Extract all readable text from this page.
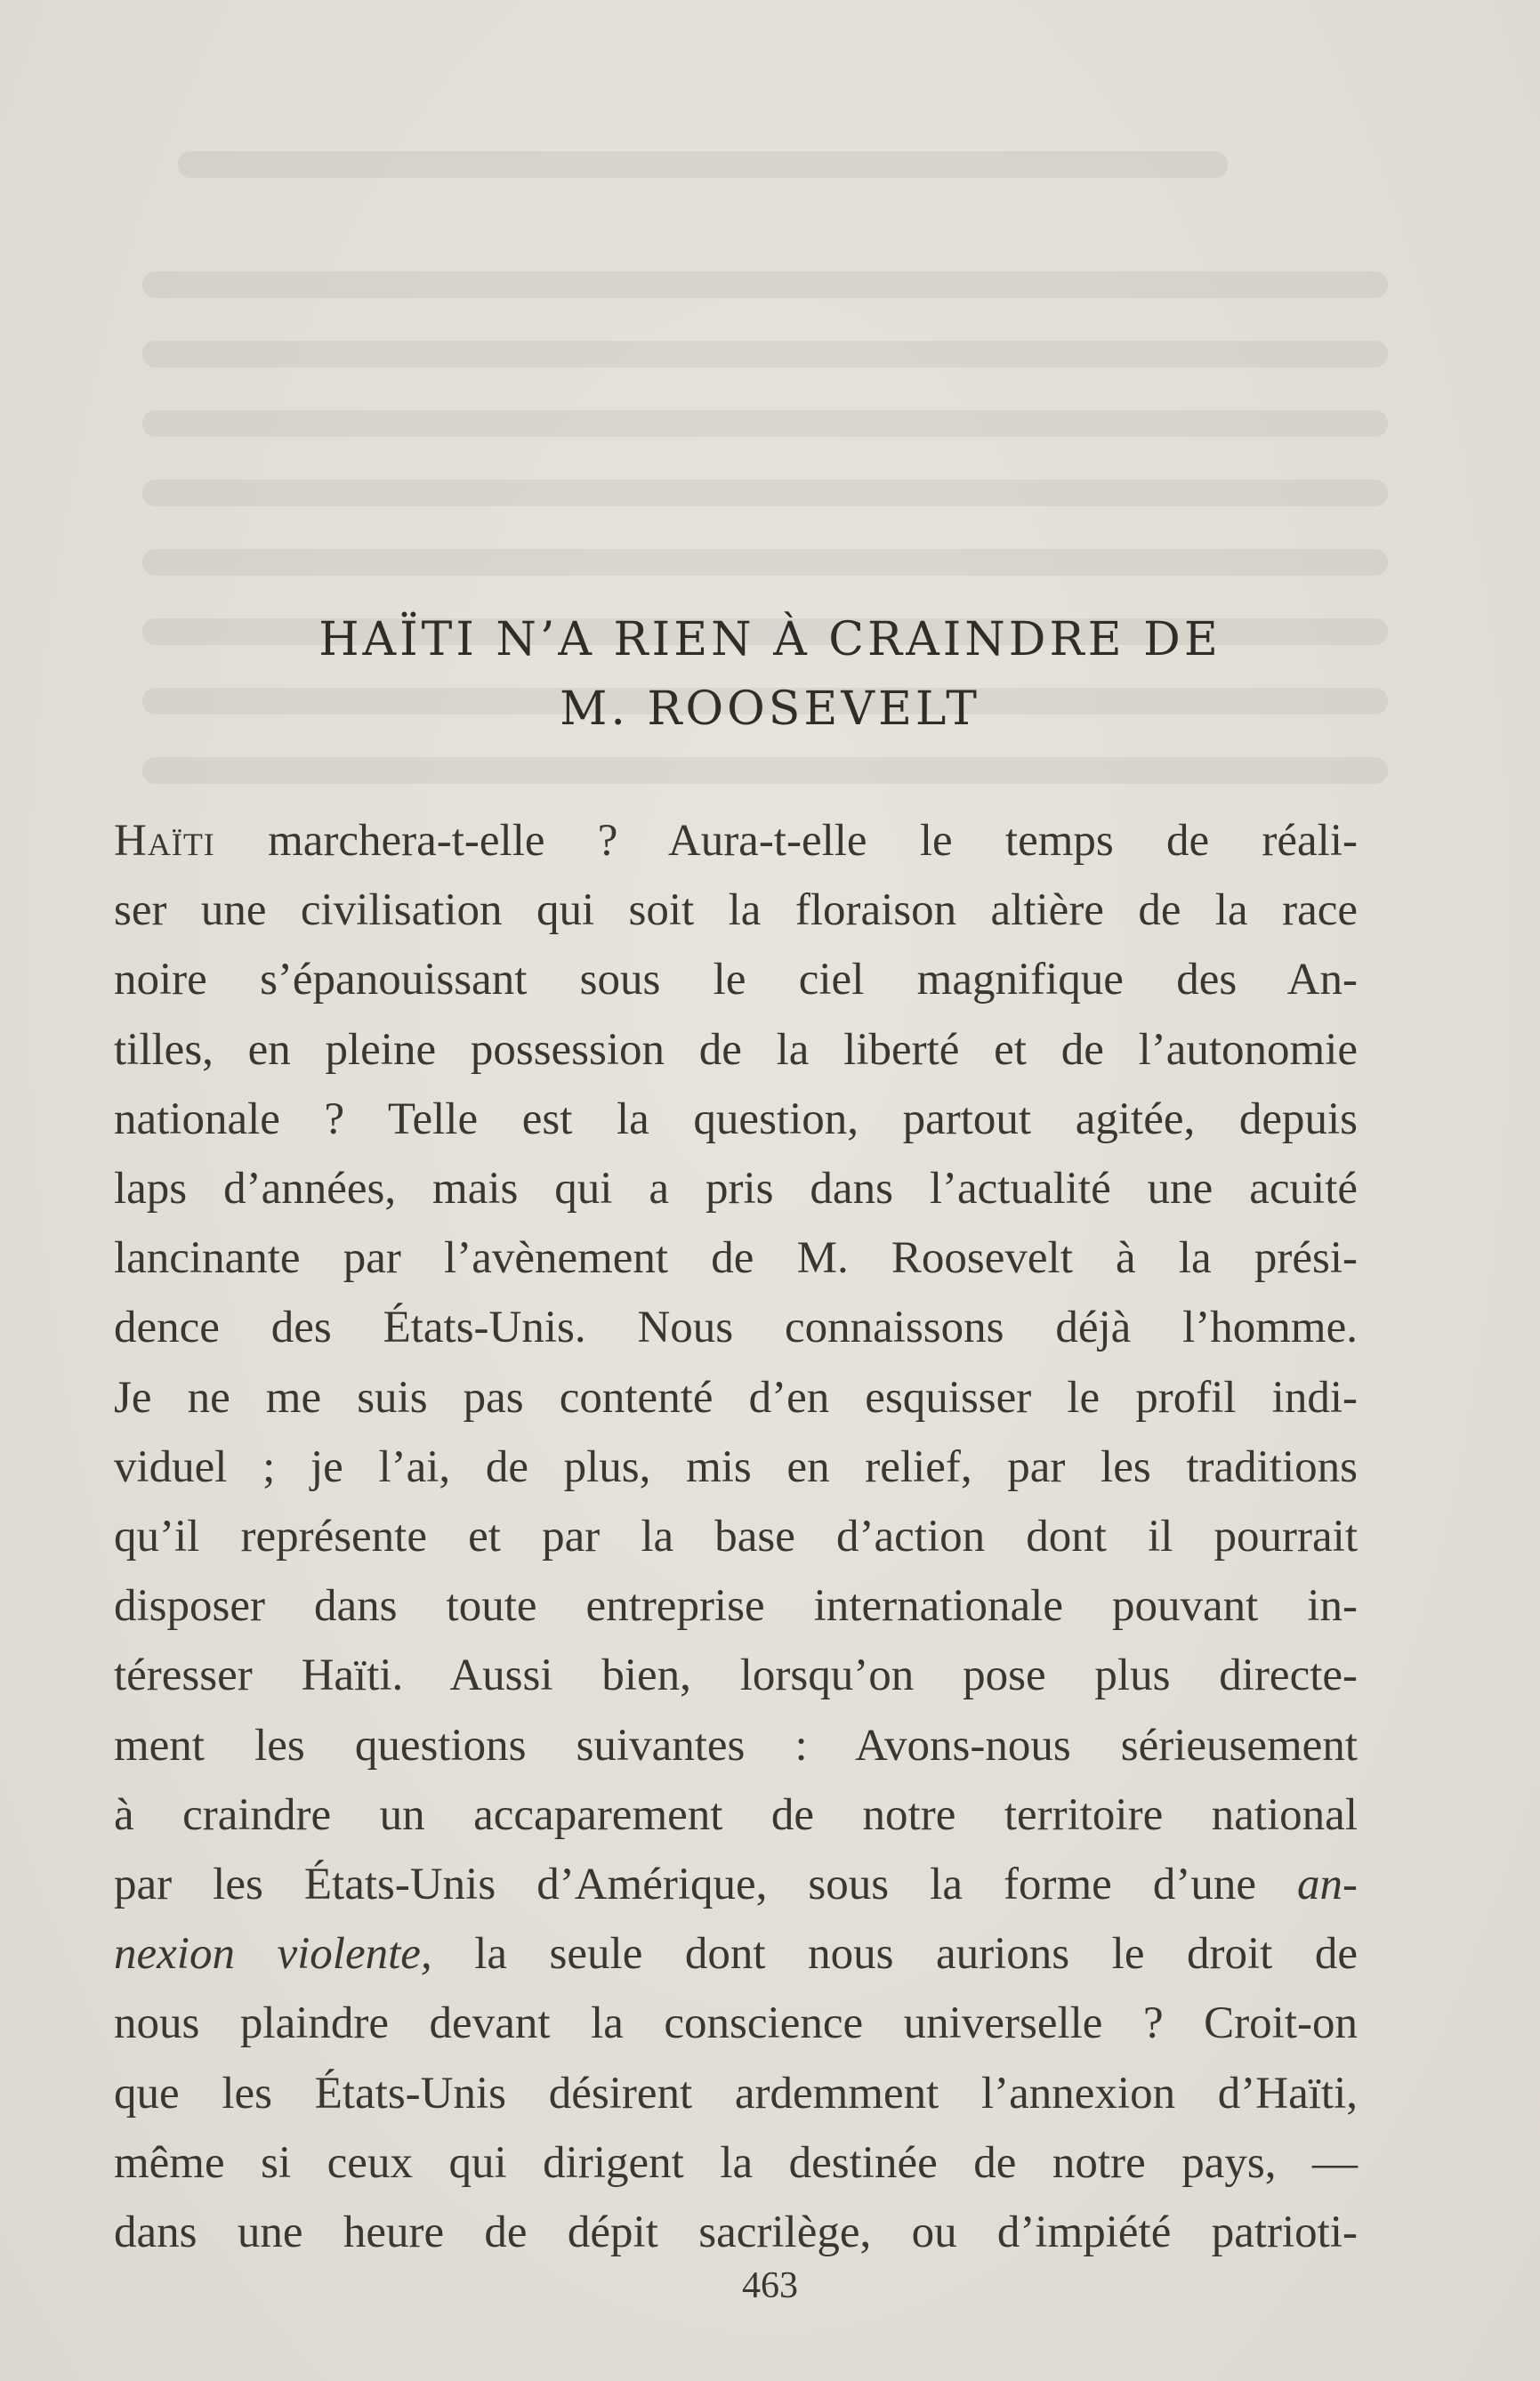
HAÏTI N’A RIEN À CRAINDRE DE
M. ROOSEVELT

Haïti marchera-t-elle ? Aura-t-elle le temps de réali-

ser une civilisation qui soit la floraison altière de la race

noire s’épanouissant sous le ciel magnifique des An-

tilles, en pleine possession de la liberté et de l’autonomie

nationale ? Telle est la question, partout agitée, depuis

laps d’années, mais qui a pris dans l’actualité une acuité

lancinante par l’avènement de M. Roosevelt à la prési-

dence des États-Unis. Nous connaissons déjà l’homme.

Je ne me suis pas contenté d’en esquisser le profil indi-

viduel ; je l’ai, de plus, mis en relief, par les traditions

qu’il représente et par la base d’action dont il pourrait

disposer dans toute entreprise internationale pouvant in-

téresser Haïti. Aussi bien, lorsqu’on pose plus directe-

ment les questions suivantes : Avons-nous sérieusement

à craindre un accaparement de notre territoire national

par les États-Unis d’Amérique, sous la forme d’une an-

nexion violente, la seule dont nous aurions le droit de

nous plaindre devant la conscience universelle ? Croit-on

que les États-Unis désirent ardemment l’annexion d’Haïti,

même si ceux qui dirigent la destinée de notre pays, —

dans une heure de dépit sacrilège, ou d’impiété patrioti-

463
